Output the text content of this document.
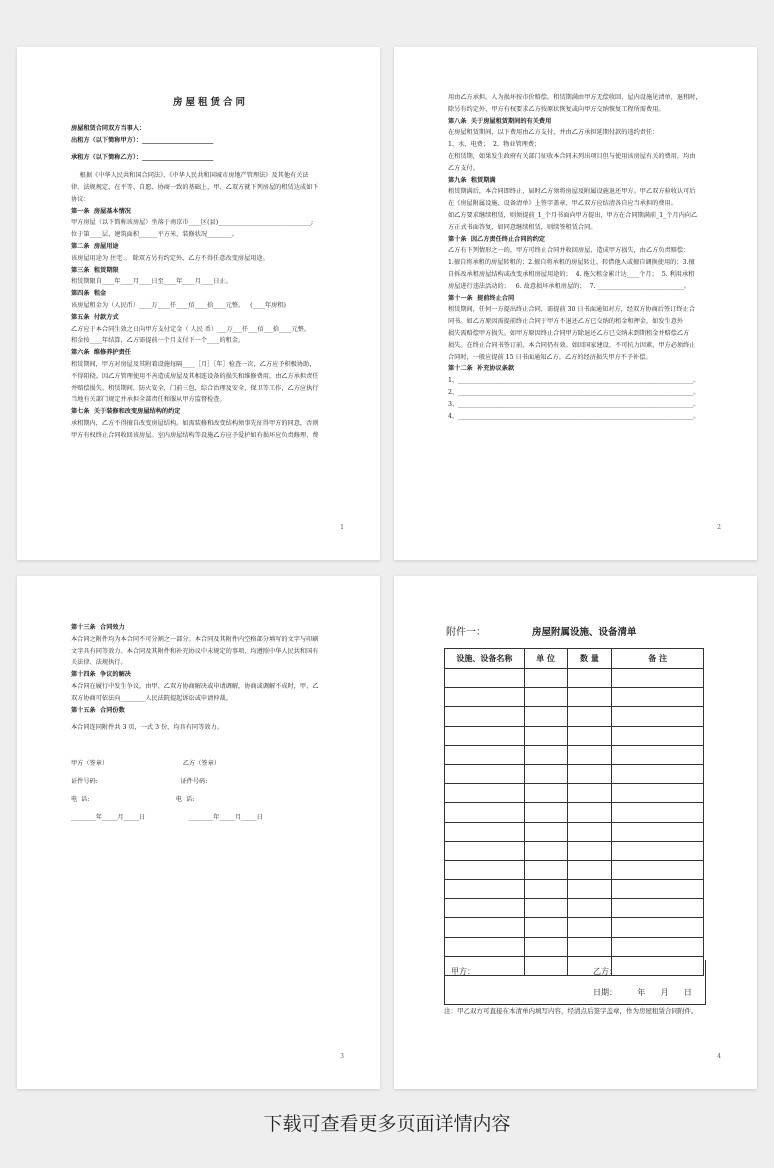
房屋租赁合同
房屋租赁合同双方当事人：
出租方（以下简称甲方）：_______________________
承租方（以下简称乙方）：_______________________
根据《中华人民共和国合同法》、《中华人民共和国城市房地产管理法》及其他有关法
律、法规规定，在平等、自愿、协商一致的基础上，甲、乙双方就下列房屋的租赁达成如下
协议：
第一条  房屋基本情况
甲方房屋（以下简称该房屋）坐落于南京市____区(县)______________________________;
位于第____层，建筑面积______平方米，装修状况________。
第二条  房屋用途
该房屋用途为 住宅 。 除双方另有约定外，乙方不得任意改变房屋用途。
第三条  租赁期限
租赁期限自____年____月____日至____年____月____日止。
第四条  租金
该房屋租金为（人民币）____万____仟____佰____拾____元整。   (____年房租)
第五条  付款方式
乙方应于本合同生效之日向甲方支付定金（ 人民 币）___万___仟___佰___拾____元整。
租金按____年结算，乙方需提前一个月支付下一个____的租金。
第六条  维修养护责任
租赁期间，甲方对房屋及其附着设施每隔____［月］［年］检查一次，乙方应予积极协助，
不得阻挠。因乙方管理使用不善造成房屋及其相连设备的损失和维修费用，由乙方承担责任
并赔偿损失。租赁期间，防火安全，门前三包，综合治理及安全、保卫等工作，乙方应执行
当地有关部门规定并承担全部责任和服从甲方监督检查。
第七条  关于装修和改变房屋结构的约定
承租期内，乙方不得擅自改变房屋结构。如需装修和改变结构须事先征得甲方的同意，否则
甲方有权终止合同收回该房屋。室内房屋结构等设施乙方应予爱护如有损坏应负责修理，费
1
用由乙方承担。人为损坏按市价赔偿。租赁期满由甲方无偿收回，屋内设施见清单，退租时，
除另有约定外，甲方有权要求乙方按原状恢复或向甲方交纳恢复工程所需费用。
第八条  关于房屋租赁期间的有关费用
在房屋租赁期间，以下费用由乙方支付，并由乙方承担延期付款的违约责任：
1、水、电费；  2、物业管理费；
在租赁期，如果发生政府有关部门征收本合同未列出项目但与使用该房屋有关的费用，均由
乙方支付。
第九条  租赁期满
租赁期满后，本合同即终止，届时乙方须将房屋及附属设施退还甲方。甲乙双方验收认可后
在《房屋附属设施、设备清单》上签字盖章，甲乙双方应结清各自应当承担的费用。
如乙方要求继续租赁，则须提前_1_个月书面向甲方提出，甲方在合同期满前_1_个月内向乙
方正式书面答复，如同意继续租赁，则续签租赁合同。
第十条  因乙方责任终止合同的约定
乙方有下列情形之一的，甲方可终止合同并收回房屋，造成甲方损失，由乙方负责赔偿：
1.擅自将承租的房屋转租的；2.擅自将承租的房屋转让、转借他人或擅自调换使用的；3.擅
自拆改承租房屋结构或改变承租房屋用途的；  4. 拖欠租金累计达____个月；  5. 利用承租
房屋进行违法活动的；   6. 故意损坏承租房屋的；  7. ____________________________。
第十一条  提前终止合同
租赁期间，任何一方提出终止合同，需提前 30 日书面通知对方，经双方协商后签订终止合
同书。如乙方原因需提前终止合同于甲方不退还乙方已交纳的租金和押金，如发生意外
损失需赔偿甲方损失。如甲方原因终止合同甲方除退还乙方已交纳未到期租金并赔偿乙方
损失。在终止合同书签订前，本合同仍有效。如因国家建设、不可抗力因素，甲方必须终止
合同时，一般应提前 15 日书面通知乙方。乙方的经济损失甲方不予补偿。
第十二条  补充协议条款
1、____________________________________________________________________________。
2、____________________________________________________________________________。
3、____________________________________________________________________________。
4、____________________________________________________________________________。
2
第十三条  合同效力
本合同之附件均为本合同不可分割之一部分。本合同及其附件内空格部分填写的文字与印刷
文字具有同等效力。本合同及其附件和补充协议中未规定的事项，均遵照中华人民共和国有
关法律、法规执行。
第十四条  争议的解决
本合同在履行中发生争议，由甲、乙双方协商解决或申请调解，协商或调解不成时，甲、乙
双方协商可依法向________人民法院提起诉讼或申请仲裁。
第十五条  合同份数
本合同连同附件共 3 页，一式 3 份，均具有同等效力。
甲方（签章）                                      乙方（签章）
证件号码:                                          证件号码:
电  话:                                            电  话:
________年_____月_____日                      ________年_____月_____日
3
附件一：	房屋附属设施、设备清单
设施、设备名称	单 位	数 量	备 注

甲方：	乙方：
日期：        年      月      日
注：甲乙双方可直接在本清单内填写内容，经清点后签字盖章，作为房屋租赁合同附件。
4
下载可查看更多页面详情内容
